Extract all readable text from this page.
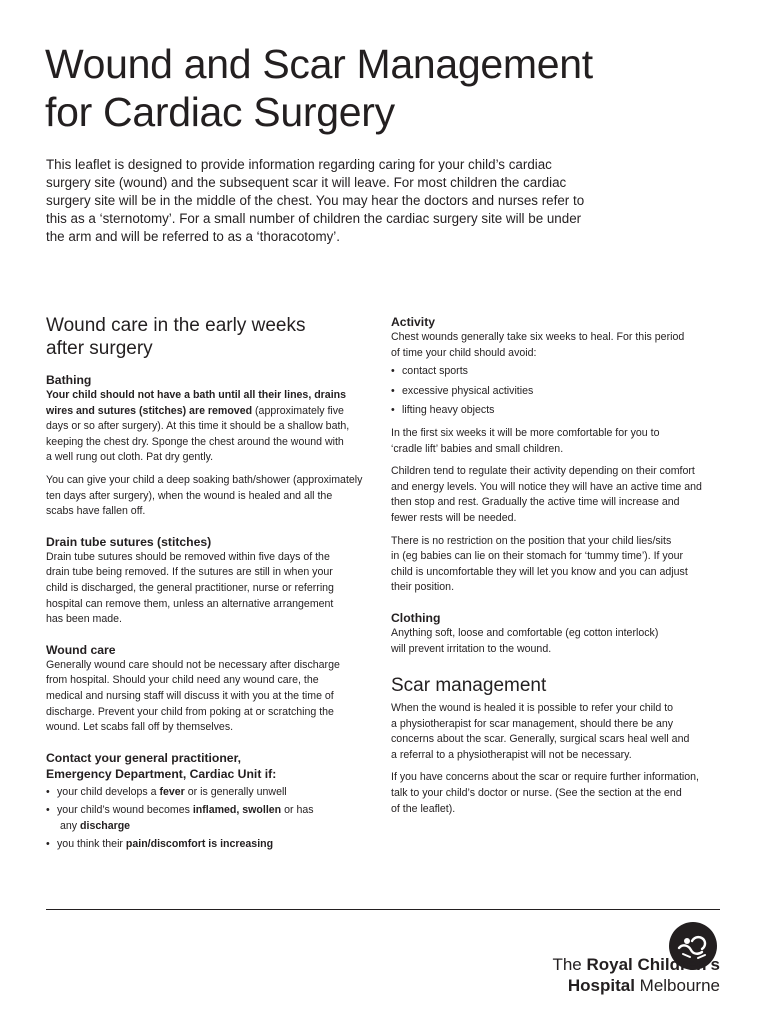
Wound and Scar Management
for Cardiac Surgery
This leaflet is designed to provide information regarding caring for your child’s cardiac
surgery site (wound) and the subsequent scar it will leave. For most children the cardiac
surgery site will be in the middle of the chest. You may hear the doctors and nurses refer to
this as a ‘sternotomy’. For a small number of children the cardiac surgery site will be under
the arm and will be referred to as a ‘thoracotomy’.
Wound care in the early weeks
after surgery
Bathing

Your child should not have a bath until all their lines, drains
wires and sutures (stitches) are removed (approximately five
days or so after surgery). At this time it should be a shallow bath,
keeping the chest dry. Sponge the chest around the wound with
a well rung out cloth. Pat dry gently.

You can give your child a deep soaking bath/shower (approximately
ten days after surgery), when the wound is healed and all the
scabs have fallen off.

Drain tube sutures (stitches)

Drain tube sutures should be removed within five days of the
drain tube being removed. If the sutures are still in when your
child is discharged, the general practitioner, nurse or referring
hospital can remove them, unless an alternative arrangement
has been made.

Wound care

Generally wound care should not be necessary after discharge
from hospital. Should your child need any wound care, the
medical and nursing staff will discuss it with you at the time of
discharge. Prevent your child from poking at or scratching the
wound. Let scabs fall off by themselves.

Contact your general practitioner,
Emergency Department, Cardiac Unit if:
• your child develops a fever or is generally unwell
• your child’s wound becomes inflamed, swollen or has
any discharge
• you think their pain/discomfort is increasing
Activity

Chest wounds generally take six weeks to heal. For this period
of time your child should avoid:

• contact sports
• excessive physical activities
• lifting heavy objects

In the first six weeks it will be more comfortable for you to
‘cradle lift’ babies and small children.

Children tend to regulate their activity depending on their comfort
and energy levels. You will notice they will have an active time and
then stop and rest. Gradually the active time will increase and
fewer rests will be needed.

There is no restriction on the position that your child lies/sits
in (eg babies can lie on their stomach for ‘tummy time’). If your
child is uncomfortable they will let you know and you can adjust
their position.

Clothing

Anything soft, loose and comfortable (eg cotton interlock)
will prevent irritation to the wound.

Scar management

When the wound is healed it is possible to refer your child to
a physiotherapist for scar management, should there be any
concerns about the scar. Generally, surgical scars heal well and
a referral to a physiotherapist will not be necessary.

If you have concerns about the scar or require further information,
talk to your child’s doctor or nurse. (See the section at the end
of the leaflet).

The Royal Children’s
Hospital Melbourne
